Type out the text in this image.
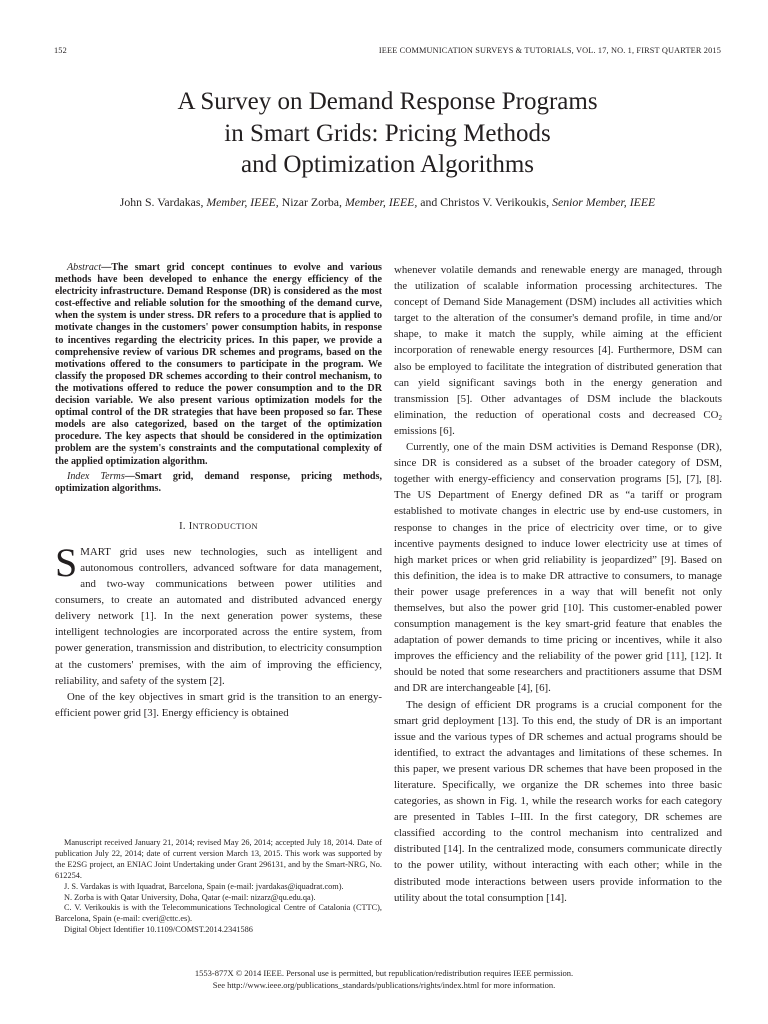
152	IEEE COMMUNICATION SURVEYS & TUTORIALS, VOL. 17, NO. 1, FIRST QUARTER 2015
A Survey on Demand Response Programs
in Smart Grids: Pricing Methods
and Optimization Algorithms
John S. Vardakas, Member, IEEE, Nizar Zorba, Member, IEEE, and Christos V. Verikoukis, Senior Member, IEEE

Abstract—The smart grid concept continues to evolve and various methods have been developed to enhance the energy efficiency of the electricity infrastructure. Demand Response (DR) is considered as the most cost-effective and reliable solution for the smoothing of the demand curve, when the system is under stress. DR refers to a procedure that is applied to motivate changes in the customers' power consumption habits, in response to incentives regarding the electricity prices. In this paper, we provide a comprehensive review of various DR schemes and programs, based on the motivations offered to the consumers to participate in the program. We classify the proposed DR schemes according to their control mechanism, to the motivations offered to reduce the power consumption and to the DR decision variable. We also present various optimization models for the optimal control of the DR strategies that have been proposed so far. These models are also categorized, based on the target of the optimization procedure. The key aspects that should be considered in the optimization problem are the system's constraints and the computational complexity of the applied optimization algorithm.

Index Terms—Smart grid, demand response, pricing methods, optimization algorithms.

I. INTRODUCTION

SMART grid uses new technologies, such as intelligent and autonomous controllers, advanced software for data management, and two-way communications between power utilities and consumers, to create an automated and distributed advanced energy delivery network [1]. In the next generation power systems, these intelligent technologies are incorporated across the entire system, from power generation, transmission and distribution, to electricity consumption at the customers' premises, with the aim of improving the efficiency, reliability, and safety of the system [2].

One of the key objectives in smart grid is the transition to an energy-efficient power grid [3]. Energy efficiency is obtained

whenever volatile demands and renewable energy are managed, through the utilization of scalable information processing architectures. The concept of Demand Side Management (DSM) includes all activities which target to the alteration of the consumer's demand profile, in time and/or shape, to make it match the supply, while aiming at the efficient incorporation of renewable energy resources [4]. Furthermore, DSM can also be employed to facilitate the integration of distributed generation that can yield significant savings both in the energy generation and transmission [5]. Other advantages of DSM include the blackouts elimination, the reduction of operational costs and decreased $CO_2$ emissions [6].

Currently, one of the main DSM activities is Demand Response (DR), since DR is considered as a subset of the broader category of DSM, together with energy-efficiency and conservation programs [5], [7], [8]. The US Department of Energy defined DR as “a tariff or program established to motivate changes in electric use by end-use customers, in response to changes in the price of electricity over time, or to give incentive payments designed to induce lower electricity use at times of high market prices or when grid reliability is jeopardized” [9]. Based on this definition, the idea is to make DR attractive to consumers, to manage their power usage preferences in a way that will benefit not only themselves, but also the power grid [10]. This customer-enabled power consumption management is the key smart-grid feature that enables the adaptation of power demands to time pricing or incentives, while it also improves the efficiency and the reliability of the power grid [11], [12]. It should be noted that some researchers and practitioners assume that DSM and DR are interchangeable [4], [6].

The design of efficient DR programs is a crucial component for the smart grid deployment [13]. To this end, the study of DR is an important issue and the various types of DR schemes and actual programs should be identified, to extract the advantages and limitations of these schemes. In this paper, we present various DR schemes that have been proposed in the literature. Specifically, we organize the DR schemes into three basic categories, as shown in Fig. 1, while the research works for each category are presented in Tables I–III. In the first category, DR schemes are classified according to the control mechanism into centralized and distributed [14]. In the centralized mode, consumers communicate directly to the power utility, without interacting with each other; while in the distributed mode interactions between users provide information to the utility about the total consumption [14].

Manuscript received January 21, 2014; revised May 26, 2014; accepted July 18, 2014. Date of publication July 22, 2014; date of current version March 13, 2015. This work was supported by the E2SG project, an ENIAC Joint Undertaking under Grant 296131, and by the Smart-NRG, No. 612254.

J. S. Vardakas is with Iquadrat, Barcelona, Spain (e-mail: jvardakas@iquadrat.com).

N. Zorba is with Qatar University, Doha, Qatar (e-mail: nizarz@qu.edu.qa).

C. V. Verikoukis is with the Telecommunications Technological Centre of Catalonia (CTTC), Barcelona, Spain (e-mail: cveri@cttc.es).

Digital Object Identifier 10.1109/COMST.2014.2341586

1553-877X © 2014 IEEE. Personal use is permitted, but republication/redistribution requires IEEE permission.
See http://www.ieee.org/publications_standards/publications/rights/index.html for more information.
